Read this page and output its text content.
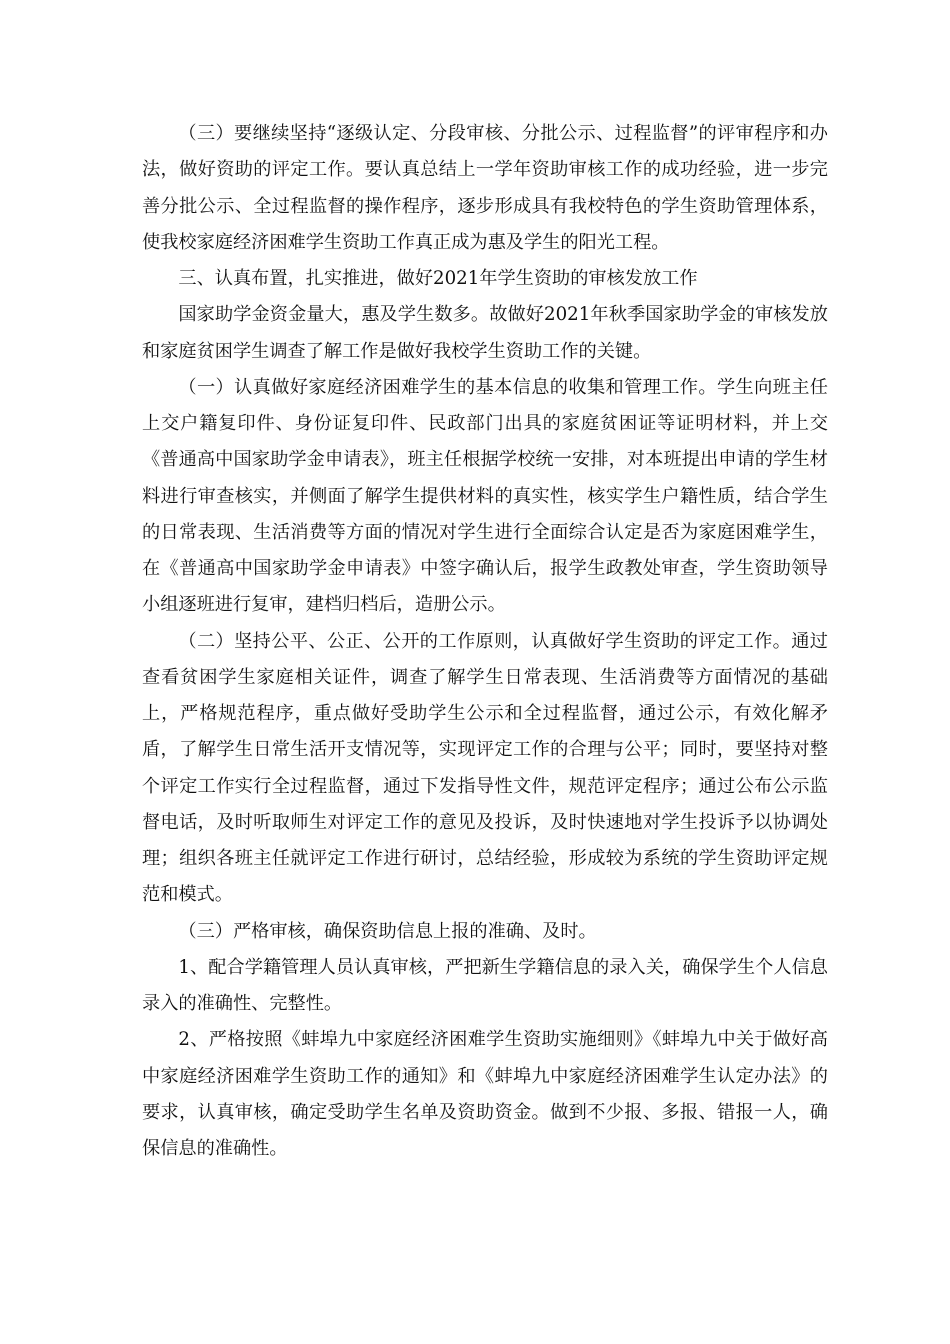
（三）要继续坚持“逐级认定、分段审核、分批公示、过程监督”的评审程序和办法，做好资助的评定工作。要认真总结上一学年资助审核工作的成功经验，进一步完善分批公示、全过程监督的操作程序，逐步形成具有我校特色的学生资助管理体系，使我校家庭经济困难学生资助工作真正成为惠及学生的阳光工程。

三、认真布置，扎实推进，做好2021年学生资助的审核发放工作

国家助学金资金量大，惠及学生数多。故做好2021年秋季国家助学金的审核发放和家庭贫困学生调查了解工作是做好我校学生资助工作的关键。

（一）认真做好家庭经济困难学生的基本信息的收集和管理工作。学生向班主任上交户籍复印件、身份证复印件、民政部门出具的家庭贫困证等证明材料，并上交《普通高中国家助学金申请表》，班主任根据学校统一安排，对本班提出申请的学生材料进行审查核实，并侧面了解学生提供材料的真实性，核实学生户籍性质，结合学生的日常表现、生活消费等方面的情况对学生进行全面综合认定是否为家庭困难学生，在《普通高中国家助学金申请表》中签字确认后，报学生政教处审查，学生资助领导小组逐班进行复审，建档归档后，造册公示。

（二）坚持公平、公正、公开的工作原则，认真做好学生资助的评定工作。通过查看贫困学生家庭相关证件，调查了解学生日常表现、生活消费等方面情况的基础上，严格规范程序，重点做好受助学生公示和全过程监督，通过公示，有效化解矛盾，了解学生日常生活开支情况等，实现评定工作的合理与公平；同时，要坚持对整个评定工作实行全过程监督，通过下发指导性文件，规范评定程序；通过公布公示监督电话，及时听取师生对评定工作的意见及投诉，及时快速地对学生投诉予以协调处理；组织各班主任就评定工作进行研讨，总结经验，形成较为系统的学生资助评定规范和模式。

（三）严格审核，确保资助信息上报的准确、及时。

1、配合学籍管理人员认真审核，严把新生学籍信息的录入关，确保学生个人信息录入的准确性、完整性。

2、严格按照《蚌埠九中家庭经济困难学生资助实施细则》《蚌埠九中关于做好高中家庭经济困难学生资助工作的通知》和《蚌埠九中家庭经济困难学生认定办法》的要求，认真审核，确定受助学生名单及资助资金。做到不少报、多报、错报一人，确保信息的准确性。
